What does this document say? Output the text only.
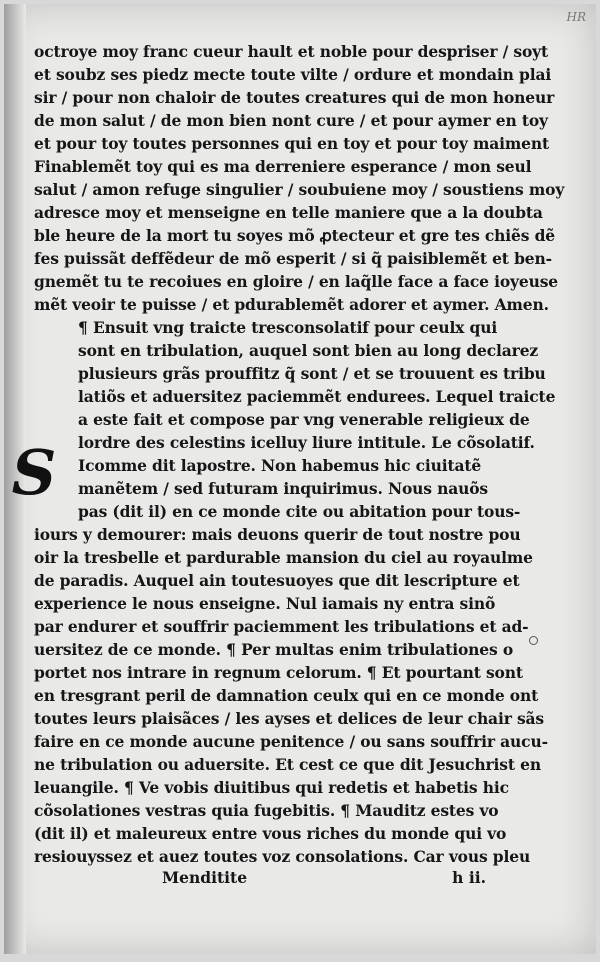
HR
octroye moy franc cueur hault et noble pour despriser / soyt
et soubz ses piedz mecte toute vilte / ordure et mondain plai
sir / pour non chaloir de toutes creatures qui de mon honeur
de mon salut / de mon bien nont cure / et pour aymer en toy
et pour toy toutes personnes qui en toy et pour toy maiment
Finablemẽt toy qui es ma derreniere esperance / mon seul
salut / amon refuge singulier / soubuiene moy / soustiens moy
adresce moy et menseigne en telle maniere que a la doubta
ble heure de la mort tu soyes mõ ꝓtecteur et gre tes chiẽs dẽ
fes puissãt deffẽdeur de mõ esperit / si q̃ paisiblemẽt et ben-
gnemẽt tu te recoiues en gloire / en laq̃lle face a face ioyeuse
mẽt veoir te puisse / et pdurablemẽt adorer et aymer. Amen.
¶ Ensuit vng traicte tresconsolatif pour ceulx qui
sont en tribulation, auquel sont bien au long declarez
plusieurs grãs prouffitz q̃ sont / et se trouuent es tribu
latiõs et aduersitez paciemmẽt endurees. Lequel traicte
a este fait et compose par vng venerable religieux de
lordre des celestins icelluy liure intitule. Le cõsolatif.
Icomme dit lapostre. Non habemus hic ciuitatẽ
manẽtem / sed futuram inquirimus. Nous nauõs
pas (dit il) en ce monde cite ou abitation pour tous-
iours y demourer: mais deuons querir de tout nostre pou
oir la tresbelle et pardurable mansion du ciel au royaulme
de paradis. Auquel ain toutesuoyes que dit lescripture et
experience le nous enseigne. Nul iamais ny entra sinõ
par endurer et souffrir paciemment les tribulations et ad-
uersitez de ce monde. ¶ Per multas enim tribulationes o
portet nos intrare in regnum celorum. ¶ Et pourtant sont
en tresgrant peril de damnation ceulx qui en ce monde ont
toutes leurs plaisãces / les ayses et delices de leur chair sãs
faire en ce monde aucune penitence / ou sans souffrir aucu-
ne tribulation ou aduersite. Et cest ce que dit Jesuchrist en
leuangile. ¶ Ve vobis diuitibus qui redetis et habetis hic
cõsolationes vestras quia fugebitis. ¶ Mauditz estes vo
(dit il) et maleureux entre vous riches du monde qui vo
resiouyssez et auez toutes voz consolations. Car vous pleu
S
Menditite	h ii.
